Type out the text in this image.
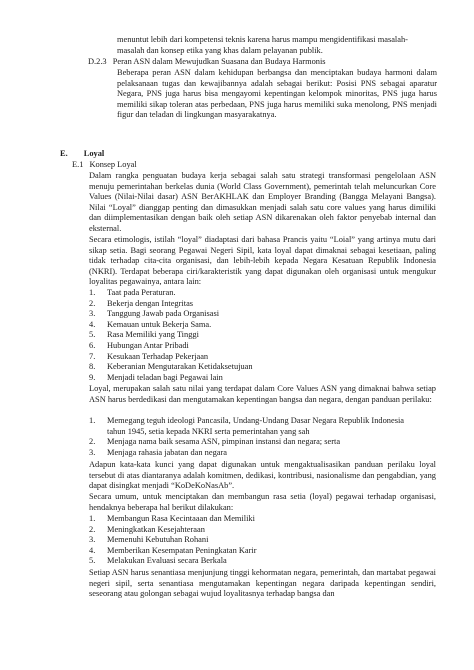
menuntut lebih dari kompetensi teknis karena harus mampu mengidentifikasi masalah-

masalah dan konsep etika yang khas dalam pelayanan publik.

D.2.3 Peran ASN dalam Mewujudkan Suasana dan Budaya Harmonis

Beberapa peran ASN dalam kehidupan berbangsa dan menciptakan budaya harmoni dalam pelaksanaan tugas dan kewajibannya adalah sebagai berikut: Posisi PNS sebagai aparatur Negara, PNS juga harus bisa mengayomi kepentingan kelompok minoritas, PNS juga harus memiliki sikap toleran atas perbedaan, PNS juga harus memiliki suka menolong, PNS menjadi figur dan teladan di lingkungan masyarakatnya.

E. Loyal
E.1 Konsep Loyal

Dalam rangka penguatan budaya kerja sebagai salah satu strategi transformasi pengelolaan ASN menuju pemerintahan berkelas dunia (World Class Government), pemerintah telah meluncurkan Core Values (Nilai-Nilai dasar) ASN BerAKHLAK dan Employer Branding (Bangga Melayani Bangsa). Nilai “Loyal” dianggap penting dan dimasukkan menjadi salah satu core values yang harus dimiliki dan diimplementasikan dengan baik oleh setiap ASN dikarenakan oleh faktor penyebab internal dan eksternal.

Secara etimologis, istilah “loyal” diadaptasi dari bahasa Prancis yaitu “Loial” yang artinya mutu dari sikap setia. Bagi seorang Pegawai Negeri Sipil, kata loyal dapat dimaknai sebagai kesetiaan, paling tidak terhadap cita-cita organisasi, dan lebih-lebih kepada Negara Kesatuan Republik Indonesia (NKRI). Terdapat beberapa ciri/karakteristik yang dapat digunakan oleh organisasi untuk mengukur loyalitas pegawainya, antara lain:

1. Taat pada Peraturan.
2. Bekerja dengan Integritas
3. Tanggung Jawab pada Organisasi
4. Kemauan untuk Bekerja Sama.
5. Rasa Memiliki yang Tinggi
6. Hubungan Antar Pribadi
7. Kesukaan Terhadap Pekerjaan
8. Keberanian Mengutarakan Ketidaksetujuan
9. Menjadi teladan bagi Pegawai lain

Loyal, merupakan salah satu nilai yang terdapat dalam Core Values ASN yang dimaknai bahwa setiap ASN harus berdedikasi dan mengutamakan kepentingan bangsa dan negara, dengan panduan perilaku:

1. Memegang teguh ideologi Pancasila, Undang-Undang Dasar Negara Republik Indonesia
tahun 1945, setia kepada NKRI serta pemerintahan yang sah
2. Menjaga nama baik sesama ASN, pimpinan instansi dan negara; serta
3. Menjaga rahasia jabatan dan negara

Adapun kata-kata kunci yang dapat digunakan untuk mengaktualisasikan panduan perilaku loyal tersebut di atas diantaranya adalah komitmen, dedikasi, kontribusi, nasionalisme dan pengabdian, yang dapat disingkat menjadi “KoDeKoNasAb”.

Secara umum, untuk menciptakan dan membangun rasa setia (loyal) pegawai terhadap organisasi, hendaknya beberapa hal berikut dilakukan:

1. Membangun Rasa Kecintaaan dan Memiliki
2. Meningkatkan Kesejahteraan
3. Memenuhi Kebutuhan Rohani
4. Memberikan Kesempatan Peningkatan Karir
5. Melakukan Evaluasi secara Berkala

Setiap ASN harus senantiasa menjunjung tinggi kehormatan negara, pemerintah, dan martabat pegawai negeri sipil, serta senantiasa mengutamakan kepentingan negara daripada kepentingan sendiri, seseorang atau golongan sebagai wujud loyalitasnya terhadap bangsa dan
